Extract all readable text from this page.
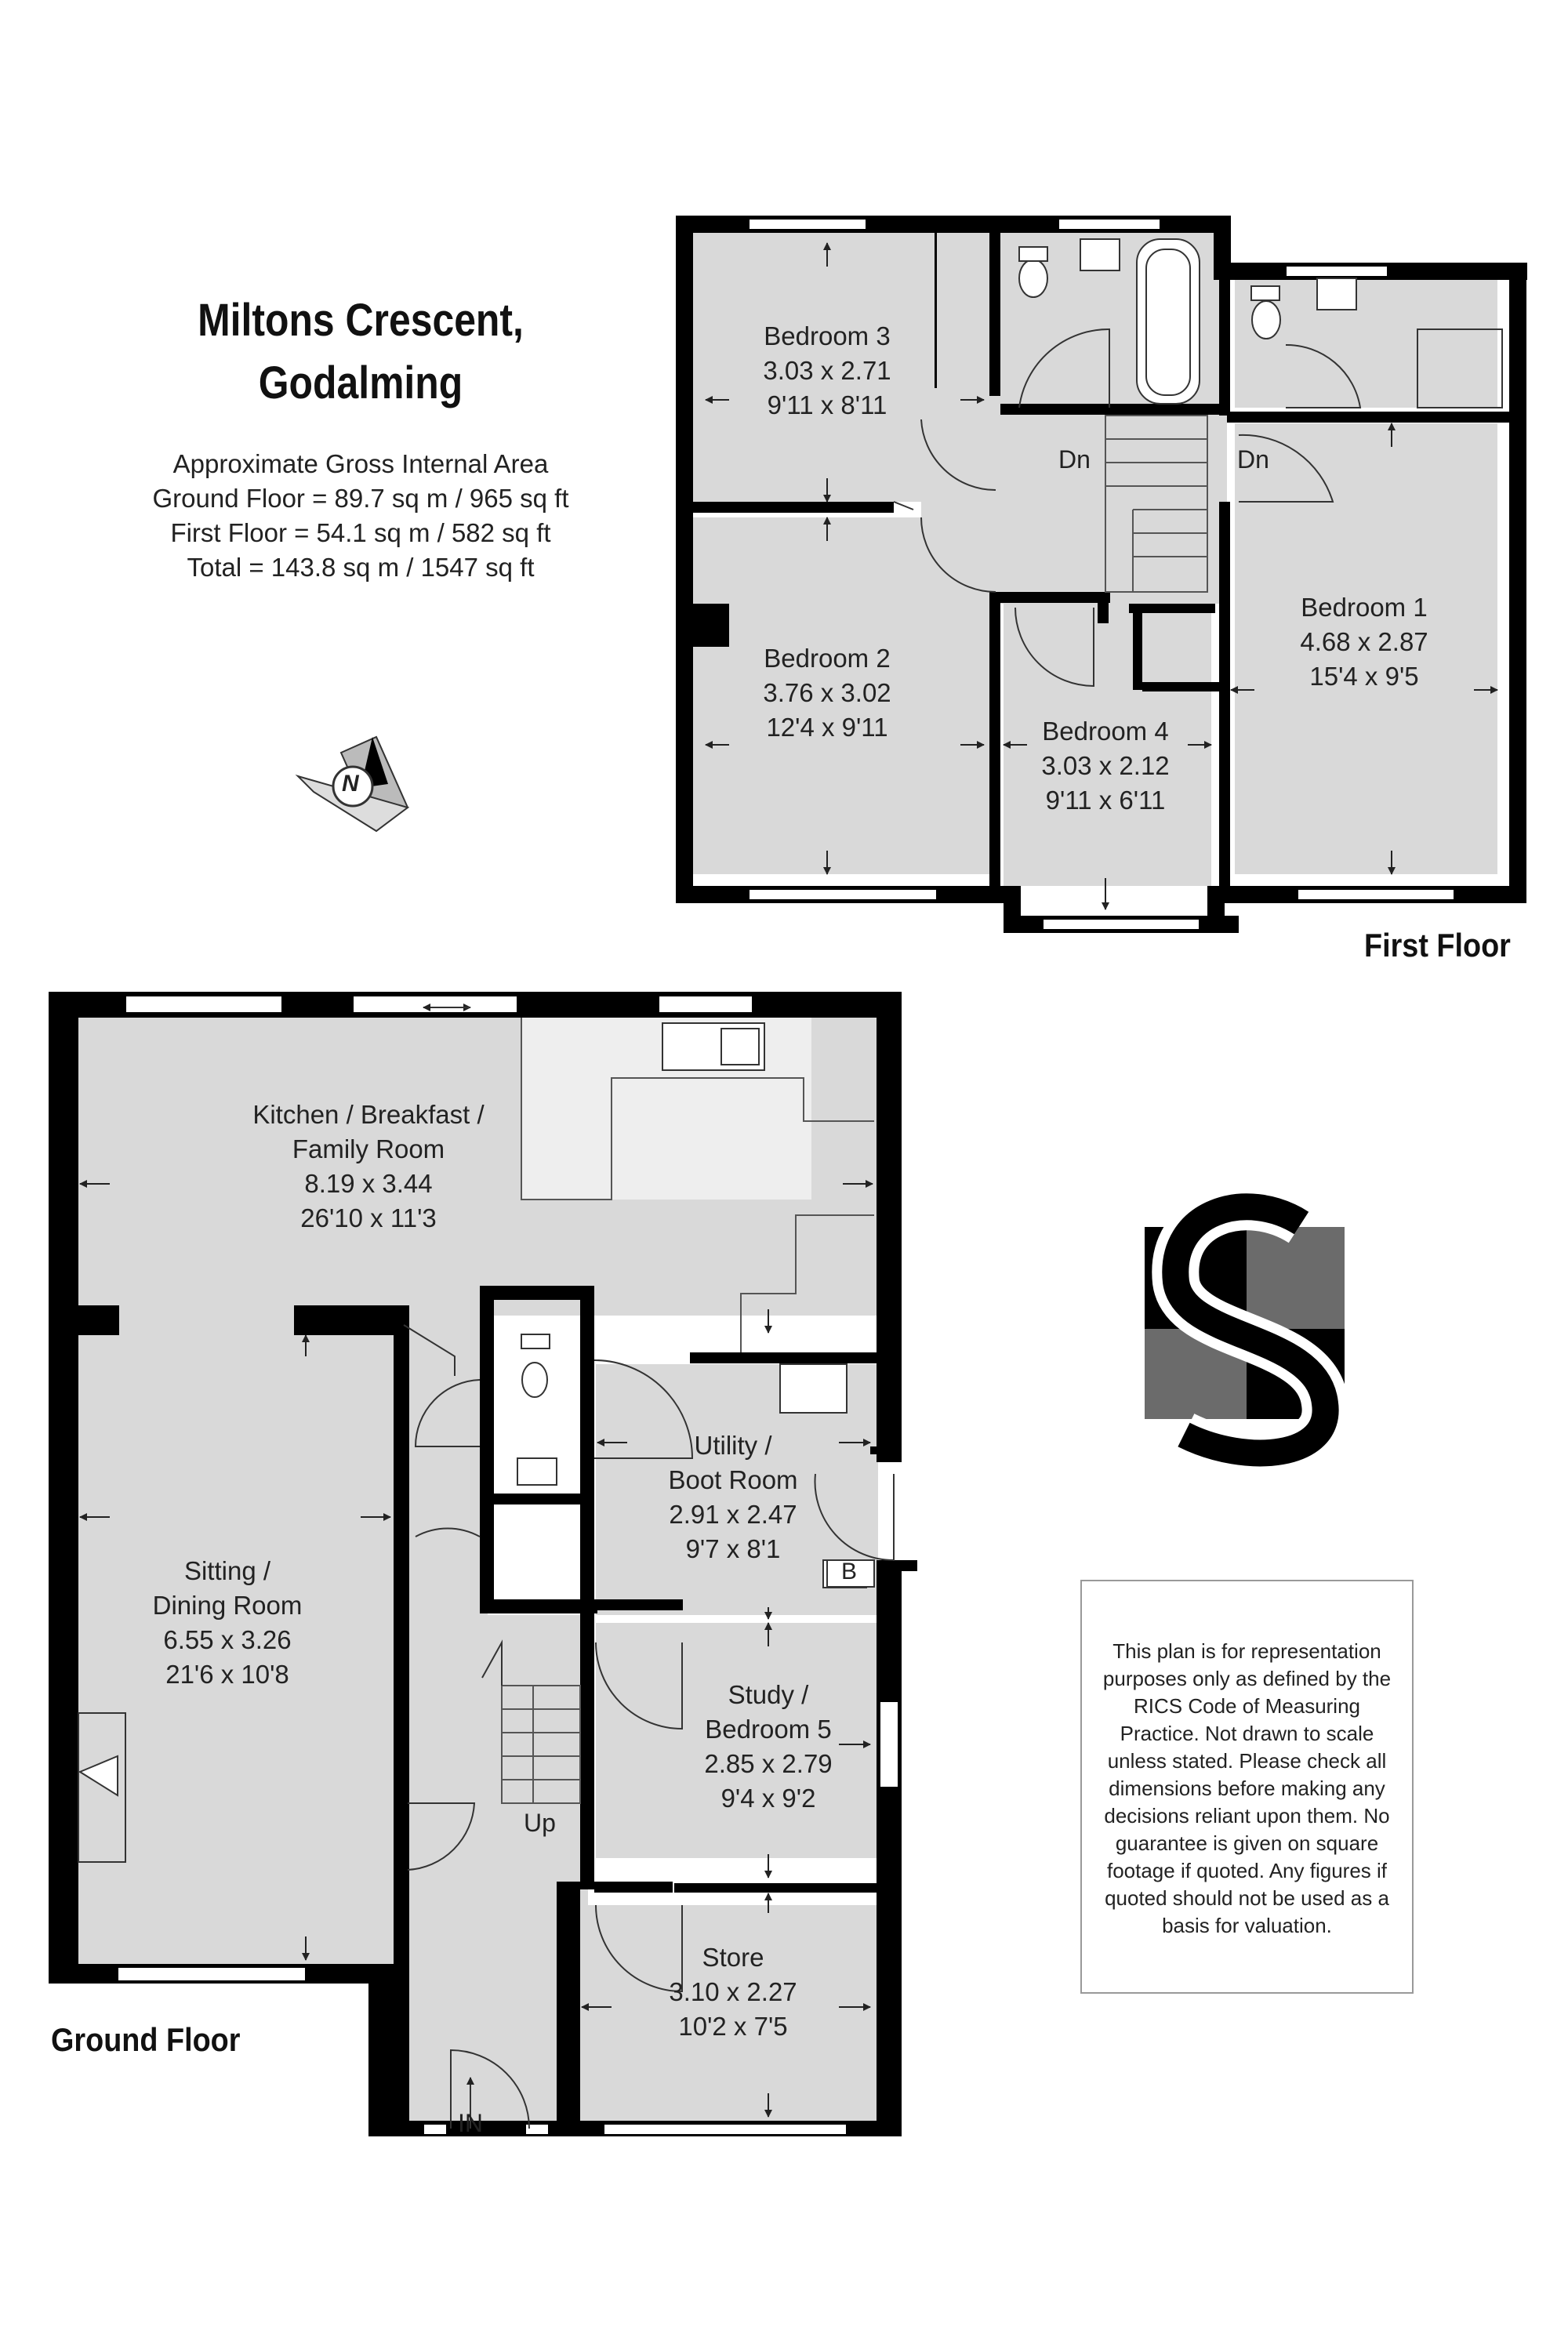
Miltons Crescent,
Godalming
Approximate Gross Internal Area
Ground Floor = 89.7 sq m / 965 sq ft
First Floor = 54.1 sq m / 582 sq ft
Total = 143.8 sq m / 1547 sq ft
N
Bedroom 3
3.03 x 2.71
9'11 x 8'11
Bedroom 2
3.76 x 3.02
12'4 x 9'11	Bedroom 4
3.03 x 2.12
9'11 x 6'11
Bedroom 1
4.68 x 2.87
15'4 x 9'5
Dn	Dn
First Floor
Kitchen / Breakfast /
Family Room
8.19 x 3.44
26'10 x 11'3
Sitting /
Dining Room
6.55 x 3.26
21'6 x 10'8
Utility /
Boot Room
2.91 x 2.47
9'7 x 8'1
Study /
Bedroom 5
2.85 x 2.79
9'4 x 9'2
Store
3.10 x 2.27
10'2 x 7'5
Up
IN
B
Ground Floor
This plan is for representation purposes only as defined by the RICS Code of Measuring Practice. Not drawn to scale unless stated. Please check all dimensions before making any decisions reliant upon them. No guarantee is given on square footage if quoted. Any figures if quoted should not be used as a basis for valuation.
